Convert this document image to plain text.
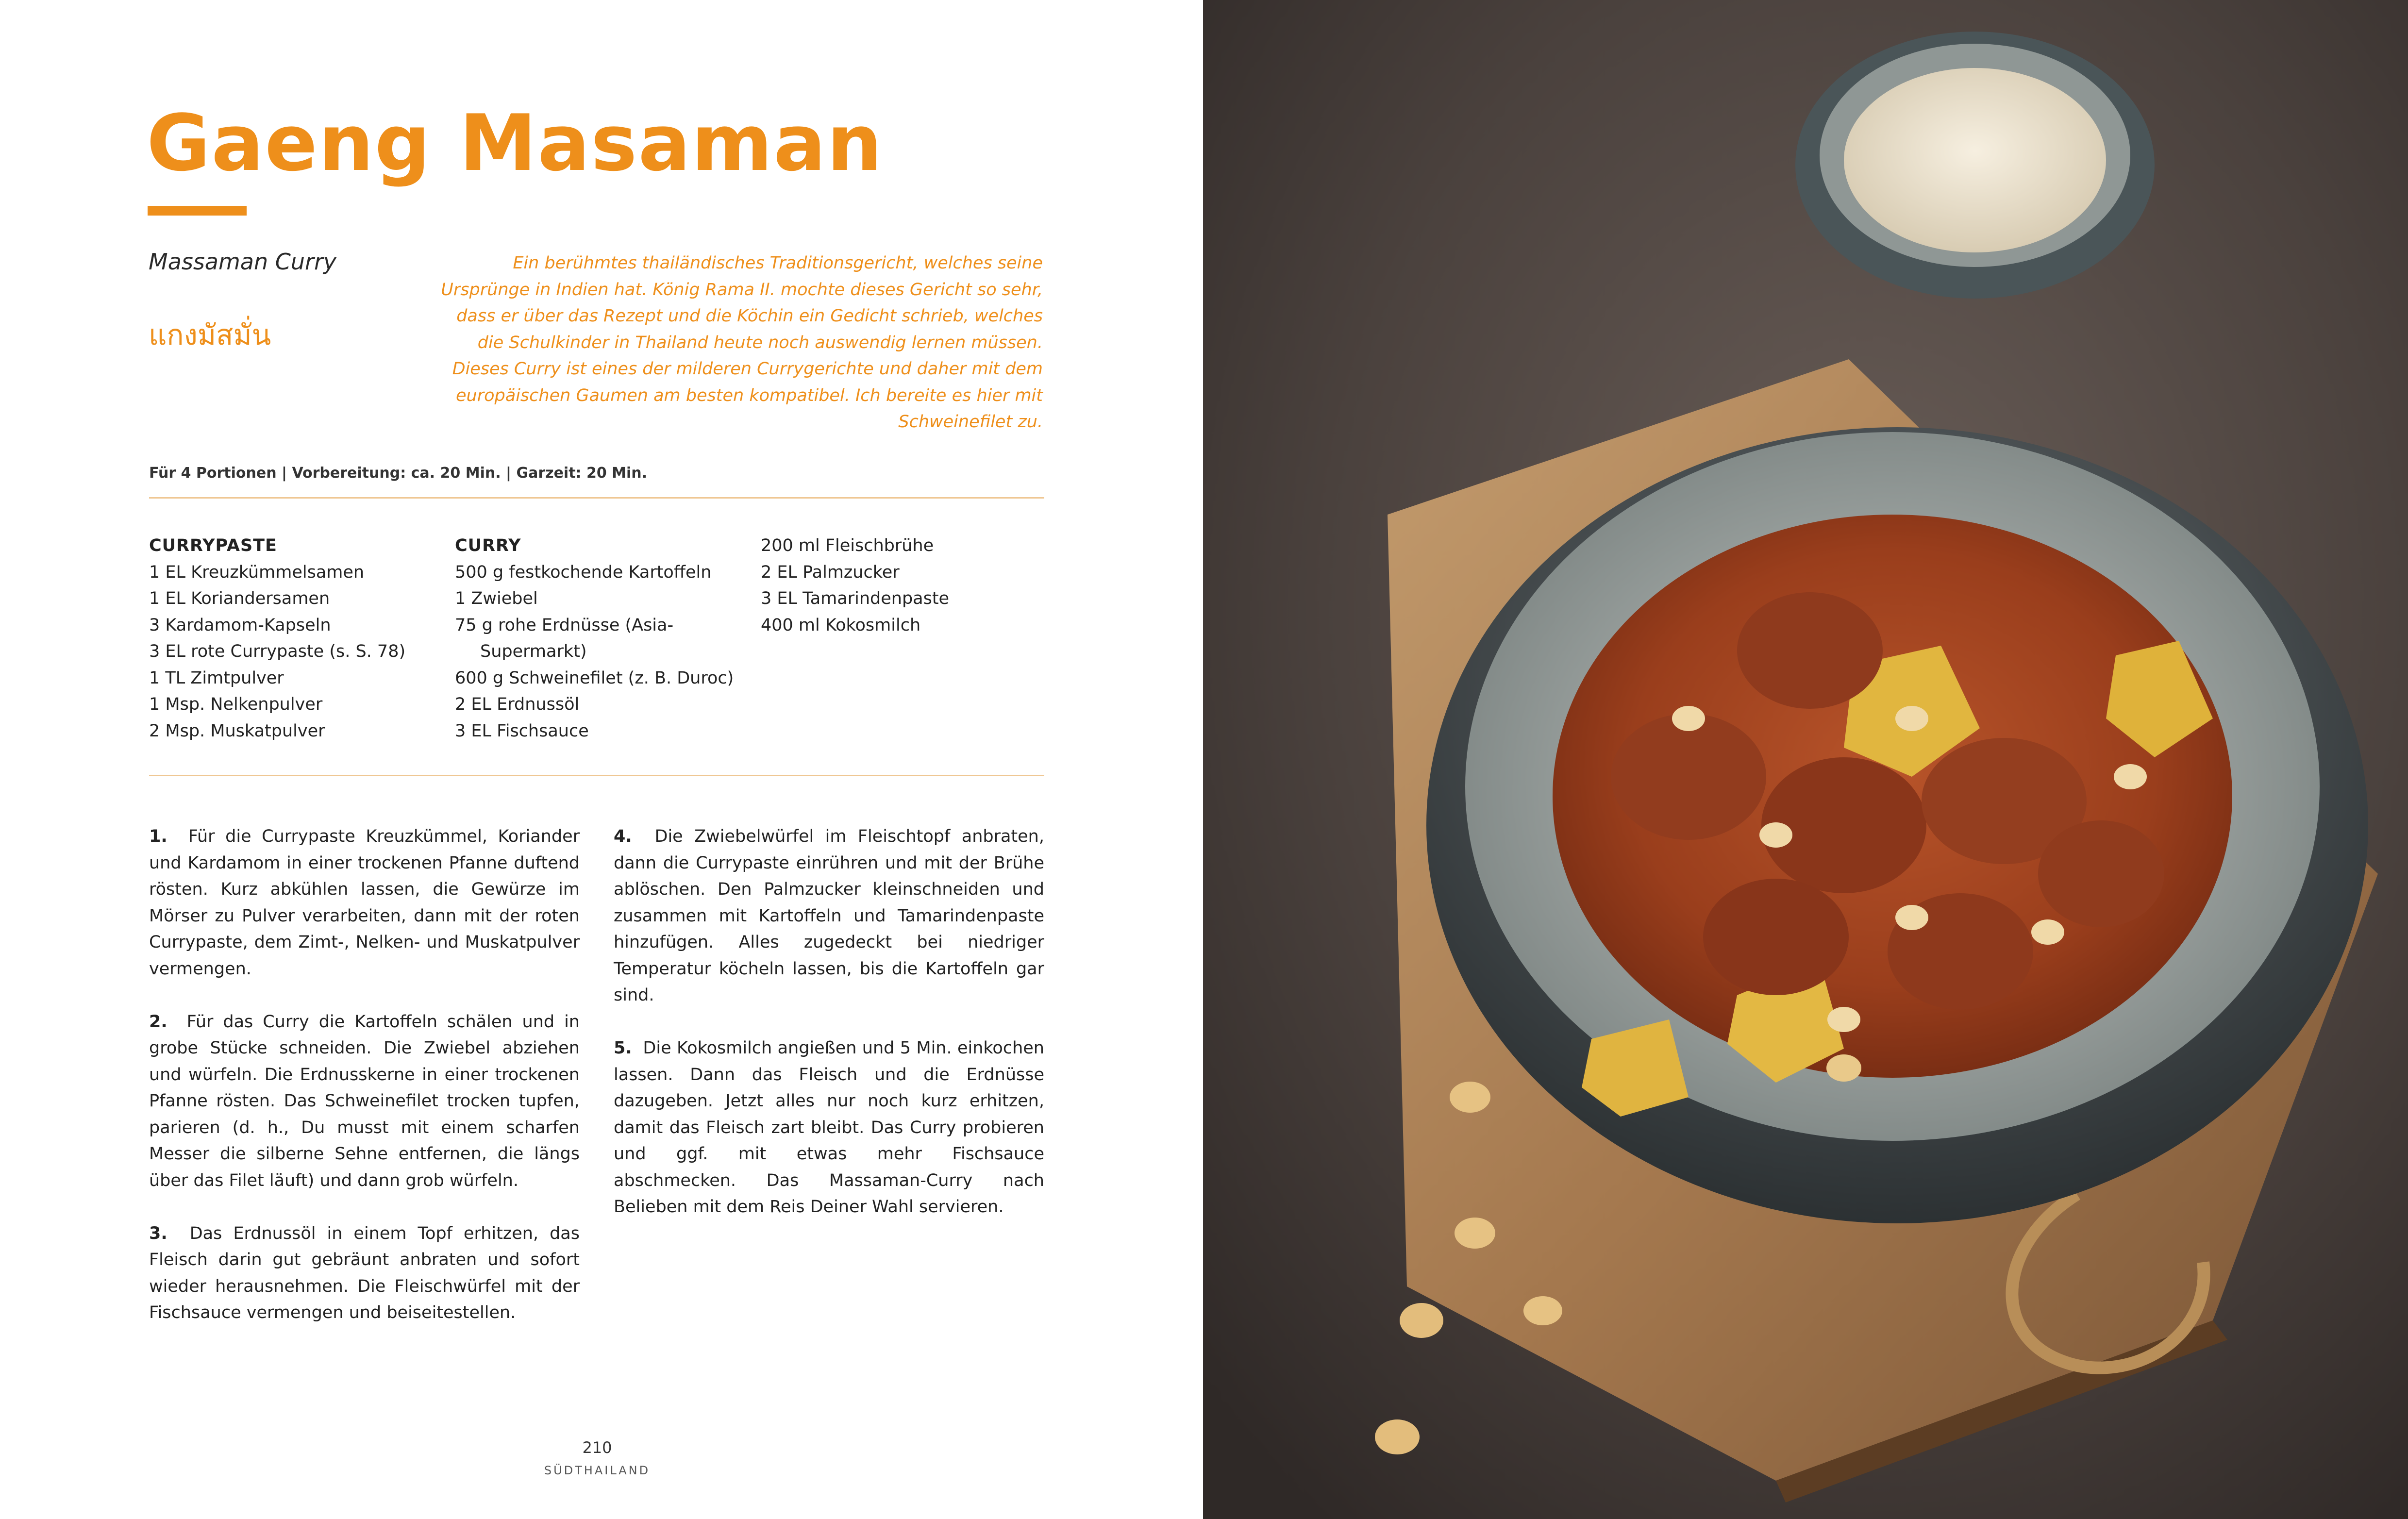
Gaeng Masaman
Massaman Curry
แกงมัสมั่น
Ein berühmtes thailändisches Traditionsgericht, welches seine Ursprünge in Indien hat. König Rama II. mochte dieses Gericht so sehr, dass er über das Rezept und die Köchin ein Gedicht schrieb, welches die Schulkinder in Thailand heute noch auswendig lernen müssen. Dieses Curry ist eines der milderen Currygerichte und daher mit dem europäischen Gaumen am besten kompatibel. Ich bereite es hier mit Schweinefilet zu.
Für 4 Portionen | Vorbereitung: ca. 20 Min. | Garzeit: 20 Min.
CURRYPASTE
1 EL Kreuzkümmelsamen
1 EL Koriandersamen
3 Kardamom-Kapseln
3 EL rote Currypaste (s. S. 78)
1 TL Zimtpulver
1 Msp. Nelkenpulver
2 Msp. Muskatpulver
CURRY
500 g festkochende Kartoffeln
1 Zwiebel
75 g rohe Erdnüsse (Asia-
Supermarkt)
600 g Schweinefilet (z. B. Duroc)
2 EL Erdnussöl
3 EL Fischsauce
200 ml Fleischbrühe
2 EL Palmzucker
3 EL Tamarindenpaste
400 ml Kokosmilch

1. Für die Currypaste Kreuzkümmel, Koriander und Kardamom in einer trockenen Pfanne duftend rösten. Kurz abkühlen lassen, die Gewürze im Mörser zu Pulver verarbeiten, dann mit der roten Currypaste, dem Zimt-, Nelken- und Muskatpulver vermengen.

2. Für das Curry die Kartoffeln schälen und in grobe Stücke schneiden. Die Zwiebel abziehen und würfeln. Die Erdnusskerne in einer trockenen Pfanne rösten. Das Schweinefilet trocken tupfen, parieren (d. h., Du musst mit einem scharfen Messer die silberne Sehne entfernen, die längs über das Filet läuft) und dann grob würfeln.

3. Das Erdnussöl in einem Topf erhitzen, das Fleisch darin gut gebräunt anbraten und sofort wieder herausnehmen. Die Fleischwürfel mit der Fischsauce vermengen und beiseitestellen.

4. Die Zwiebelwürfel im Fleischtopf anbraten, dann die Currypaste einrühren und mit der Brühe ablöschen. Den Palmzucker kleinschneiden und zusammen mit Kartoffeln und Tamarindenpaste hinzufügen. Alles zugedeckt bei niedriger Temperatur köcheln lassen, bis die Kartoffeln gar sind.

5. Die Kokosmilch angießen und 5 Min. einkochen lassen. Dann das Fleisch und die Erdnüsse dazugeben. Jetzt alles nur noch kurz erhitzen, damit das Fleisch zart bleibt. Das Curry probieren und ggf. mit etwas mehr Fischsauce abschmecken. Das Massaman-Curry nach Belieben mit dem Reis Deiner Wahl servieren.

210
SÜDTHAILAND
